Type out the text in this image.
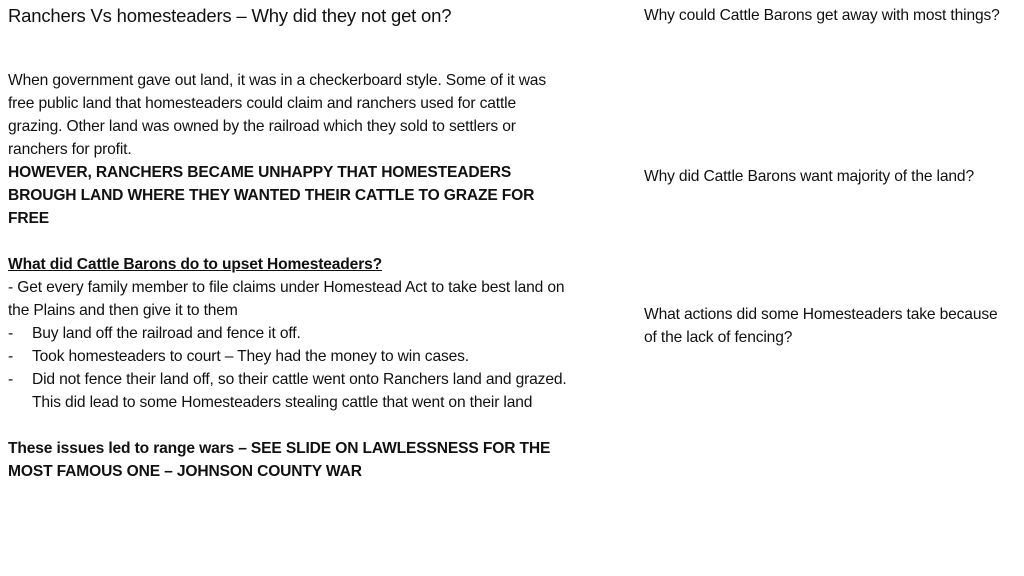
Ranchers Vs homesteaders – Why did they not get on?

When government gave out land, it was in a checkerboard style. Some of it was free public land that homesteaders could claim and ranchers used for cattle grazing. Other land was owned by the railroad which they sold to settlers or ranchers for profit.

HOWEVER, RANCHERS BECAME UNHAPPY THAT HOMESTEADERS BROUGH LAND WHERE THEY WANTED THEIR CATTLE TO GRAZE FOR FREE

What did Cattle Barons do to upset Homesteaders?

- Get every family member to file claims under Homestead Act to take best land on the Plains and then give it to them

-	Buy land off the railroad and fence it off.
-	Took homesteaders to court – They had the money to win cases.
-	Did not fence their land off, so their cattle went onto Ranchers land and grazed. This did lead to some Homesteaders stealing cattle that went on their land

These issues led to range wars – SEE SLIDE ON LAWLESSNESS FOR THE MOST FAMOUS ONE – JOHNSON COUNTY WAR

Why could Cattle Barons get away with most things?
Why did Cattle Barons want majority of the land?
What actions did some Homesteaders take because of the lack of fencing?
